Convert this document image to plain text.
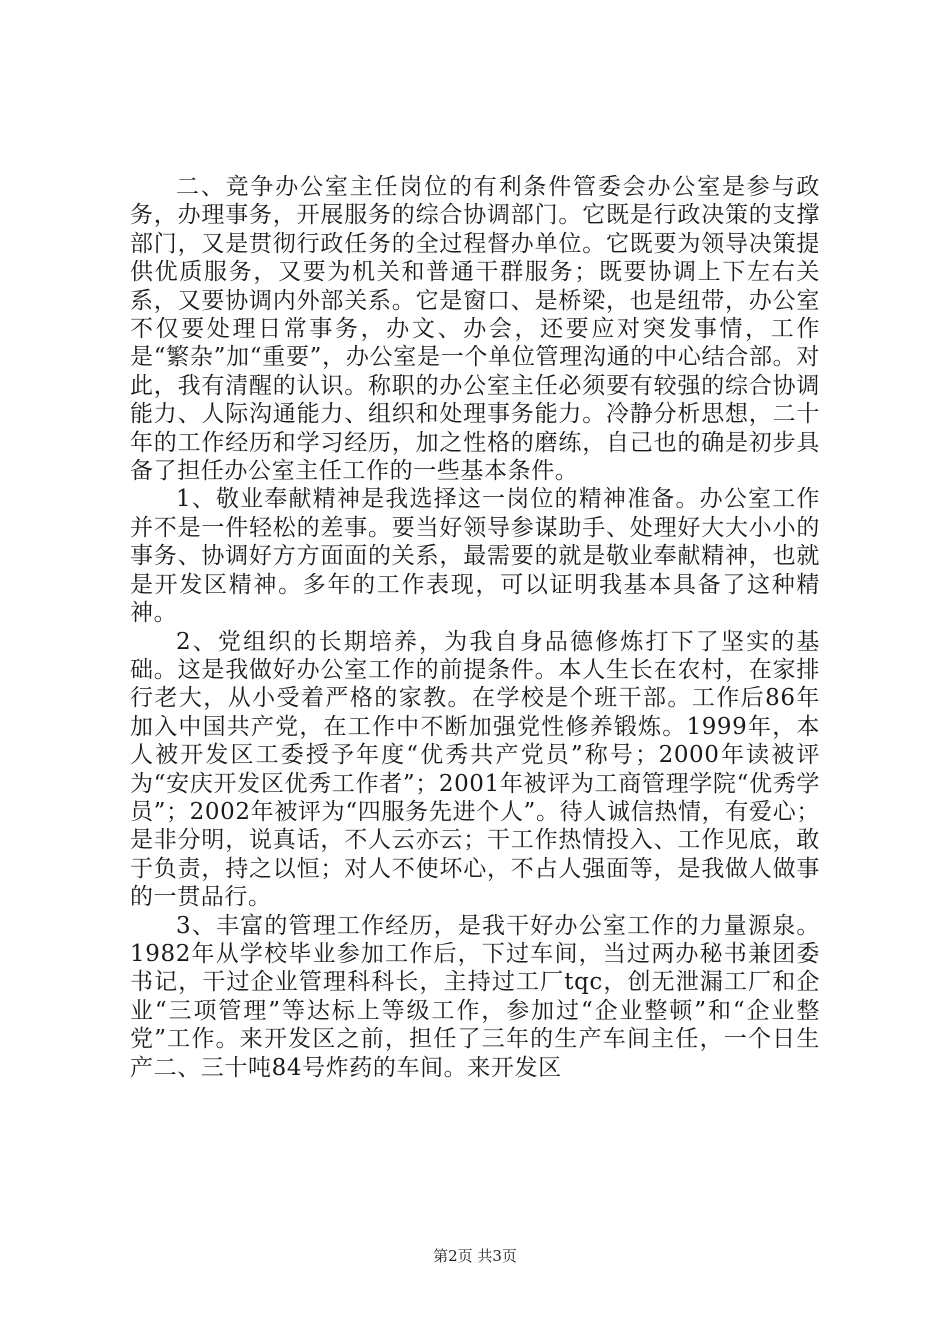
二、竞争办公室主任岗位的有利条件管委会办公室是参与政务，办理事务，开展服务的综合协调部门。它既是行政决策的支撑部门，又是贯彻行政任务的全过程督办单位。它既要为领导决策提供优质服务，又要为机关和普通干群服务；既要协调上下左右关系，又要协调内外部关系。它是窗口、是桥梁，也是纽带，办公室不仅要处理日常事务，办文、办会，还要应对突发事情，工作是“繁杂”加“重要”，办公室是一个单位管理沟通的中心结合部。对此，我有清醒的认识。称职的办公室主任必须要有较强的综合协调能力、人际沟通能力、组织和处理事务能力。冷静分析思想，二十年的工作经历和学习经历，加之性格的磨练，自己也的确是初步具备了担任办公室主任工作的一些基本条件。

1、敬业奉献精神是我选择这一岗位的精神准备。办公室工作并不是一件轻松的差事。要当好领导参谋助手、处理好大大小小的事务、协调好方方面面的关系，最需要的就是敬业奉献精神，也就是开发区精神。多年的工作表现，可以证明我基本具备了这种精神。

2、党组织的长期培养，为我自身品德修炼打下了坚实的基础。这是我做好办公室工作的前提条件。本人生长在农村，在家排行老大，从小受着严格的家教。在学校是个班干部。工作后86年加入中国共产党，在工作中不断加强党性修养锻炼。1999年，本人被开发区工委授予年度“优秀共产党员”称号；2000年读被评为“安庆开发区优秀工作者”；2001年被评为工商管理学院“优秀学员”；2002年被评为“四服务先进个人”。待人诚信热情，有爱心；是非分明，说真话，不人云亦云；干工作热情投入、工作见底，敢于负责，持之以恒；对人不使坏心，不占人强面等，是我做人做事的一贯品行。

3、丰富的管理工作经历，是我干好办公室工作的力量源泉。1982年从学校毕业参加工作后，下过车间，当过两办秘书兼团委书记，干过企业管理科科长，主持过工厂tqc，创无泄漏工厂和企业“三项管理”等达标上等级工作，参加过“企业整顿”和“企业整党”工作。来开发区之前，担任了三年的生产车间主任，一个日生产二、三十吨84号炸药的车间。来开发区

第2页 共3页
